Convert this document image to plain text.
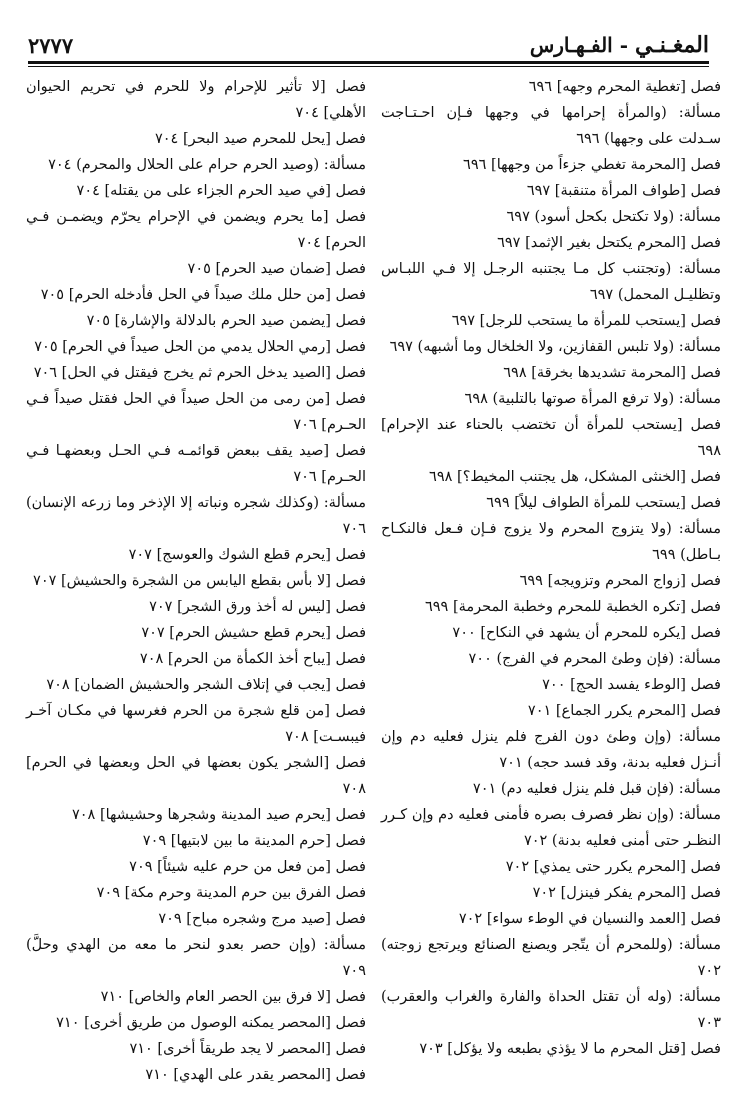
٢٧٧٧	المغـنـي - الفـهـارس

فصل [تغطية المحرم وجهه] ٦٩٦

مسألة: (والمرأة إحرامها في وجهها فـإن احـتـاجت سـدلت على وجهها) ٦٩٦

فصل [المحرمة تغطي جزءاً من وجهها] ٦٩٦

فصل [طواف المرأة متنقبة] ٦٩٧

مسألة: (ولا تكتحل بكحل أسود) ٦٩٧

فصل [المحرم يكتحل بغير الإثمد] ٦٩٧

مسألة: (وتجتنب كل مـا يجتنبه الرجـل إلا فـي اللبـاس وتظليـل المحمل) ٦٩٧

فصل [يستحب للمرأة ما يستحب للرجل] ٦٩٧

مسألة: (ولا تلبس القفازين، ولا الخلخال وما أشبهه) ٦٩٧

فصل [المحرمة تشديدها بخرقة] ٦٩٨

مسألة: (ولا ترفع المرأة صوتها بالتلبية) ٦٩٨

فصل [يستحب للمرأة أن تختضب بالحناء عند الإحرام] ٦٩٨

فصل [الخنثى المشكل، هل يجتنب المخيط؟] ٦٩٨

فصل [يستحب للمرأة الطواف ليلاً] ٦٩٩

مسألة: (ولا يتزوج المحرم ولا يزوج فـإن فـعل فالنكـاح بـاطل) ٦٩٩

فصل [زواج المحرم وتزويجه] ٦٩٩

فصل [تكره الخطبة للمحرم وخطبة المحرمة] ٦٩٩

فصل [يكره للمحرم أن يشهد في النكاح] ٧٠٠

مسألة: (فإن وطئ المحرم في الفرج) ٧٠٠

فصل [الوطء يفسد الحج] ٧٠٠

فصل [المحرم يكرر الجماع] ٧٠١

مسألة: (وإن وطئ دون الفرج فلم ينزل فعليه دم وإن أنـزل فعليه بدنة، وقد فسد حجه) ٧٠١

مسألة: (فإن قبل فلم ينزل فعليه دم) ٧٠١

مسألة: (وإن نظر فصرف بصره فأمنى فعليه دم وإن كـرر النظـر حتى أمنى فعليه بدنة) ٧٠٢

فصل [المحرم يكرر حتى يمذي] ٧٠٢

فصل [المحرم يفكر فينزل] ٧٠٢

فصل [العمد والنسيان في الوطء سواء] ٧٠٢

مسألة: (وللمحرم أن يتّجر ويصنع الصنائع ويرتجع زوجته) ٧٠٢

مسألة: (وله أن تقتل الحداة والفارة والغراب والعقرب) ٧٠٣

فصل [قتل المحرم ما لا يؤذي بطبعه ولا يؤكل] ٧٠٣

فصل [لا تأثير للإحرام ولا للحرم في تحريم الحيوان الأهلي] ٧٠٤

فصل [يحل للمحرم صيد البحر] ٧٠٤

مسألة: (وصيد الحرم حرام على الحلال والمحرم) ٧٠٤

فصل [في صيد الحرم الجزاء على من يقتله] ٧٠٤

فصل [ما يحرم ويضمن في الإحرام يحرّم ويضمـن فـي الحرم] ٧٠٤

فصل [ضمان صيد الحرم] ٧٠٥

فصل [من حلل ملك صيداً في الحل فأدخله الحرم] ٧٠٥

فصل [يضمن صيد الحرم بالدلالة والإشارة] ٧٠٥

فصل [رمي الحلال يدمي من الحل صيداً في الحرم] ٧٠٥

فصل [الصيد يدخل الحرم ثم يخرج فيقتل في الحل] ٧٠٦

فصل [من رمى من الحل صيداً في الحل فقتل صيداً فـي الحـرم] ٧٠٦

فصل [صيد يقف ببعض قوائمـه فـي الحـل وبعضهـا فـي الحـرم] ٧٠٦

مسألة: (وكذلك شجره ونباته إلا الإذخر وما زرعه الإنسان) ٧٠٦

فصل [يحرم قطع الشوك والعوسج] ٧٠٧

فصل [لا بأس بقطع اليابس من الشجرة والحشيش] ٧٠٧

فصل [ليس له أخذ ورق الشجر] ٧٠٧

فصل [يحرم قطع حشيش الحرم] ٧٠٧

فصل [يباح أخذ الكمأة من الحرم] ٧٠٨

فصل [يجب في إتلاف الشجر والحشيش الضمان] ٧٠٨

فصل [من قلع شجرة من الحرم فغرسها في مكـان آخـر فيبسـت] ٧٠٨

فصل [الشجر يكون بعضها في الحل وبعضها في الحرم] ٧٠٨

فصل [يحرم صيد المدينة وشجرها وحشيشها] ٧٠٨

فصل [حرم المدينة ما بين لابتيها] ٧٠٩

فصل [من فعل من حرم عليه شيئاً] ٧٠٩

فصل الفرق بين حرم المدينة وحرم مكة] ٧٠٩

فصل [صيد مرج وشجره مباح] ٧٠٩

مسألة: (وإن حصر بعدو لنحر ما معه من الهدي وحلَّ) ٧٠٩

فصل [لا فرق بين الحصر العام والخاص] ٧١٠

فصل [المحصر يمكنه الوصول من طريق أخرى] ٧١٠

فصل [المحصر لا يجد طريقاً أخرى] ٧١٠

فصل [المحصر يقدر على الهدي] ٧١٠
